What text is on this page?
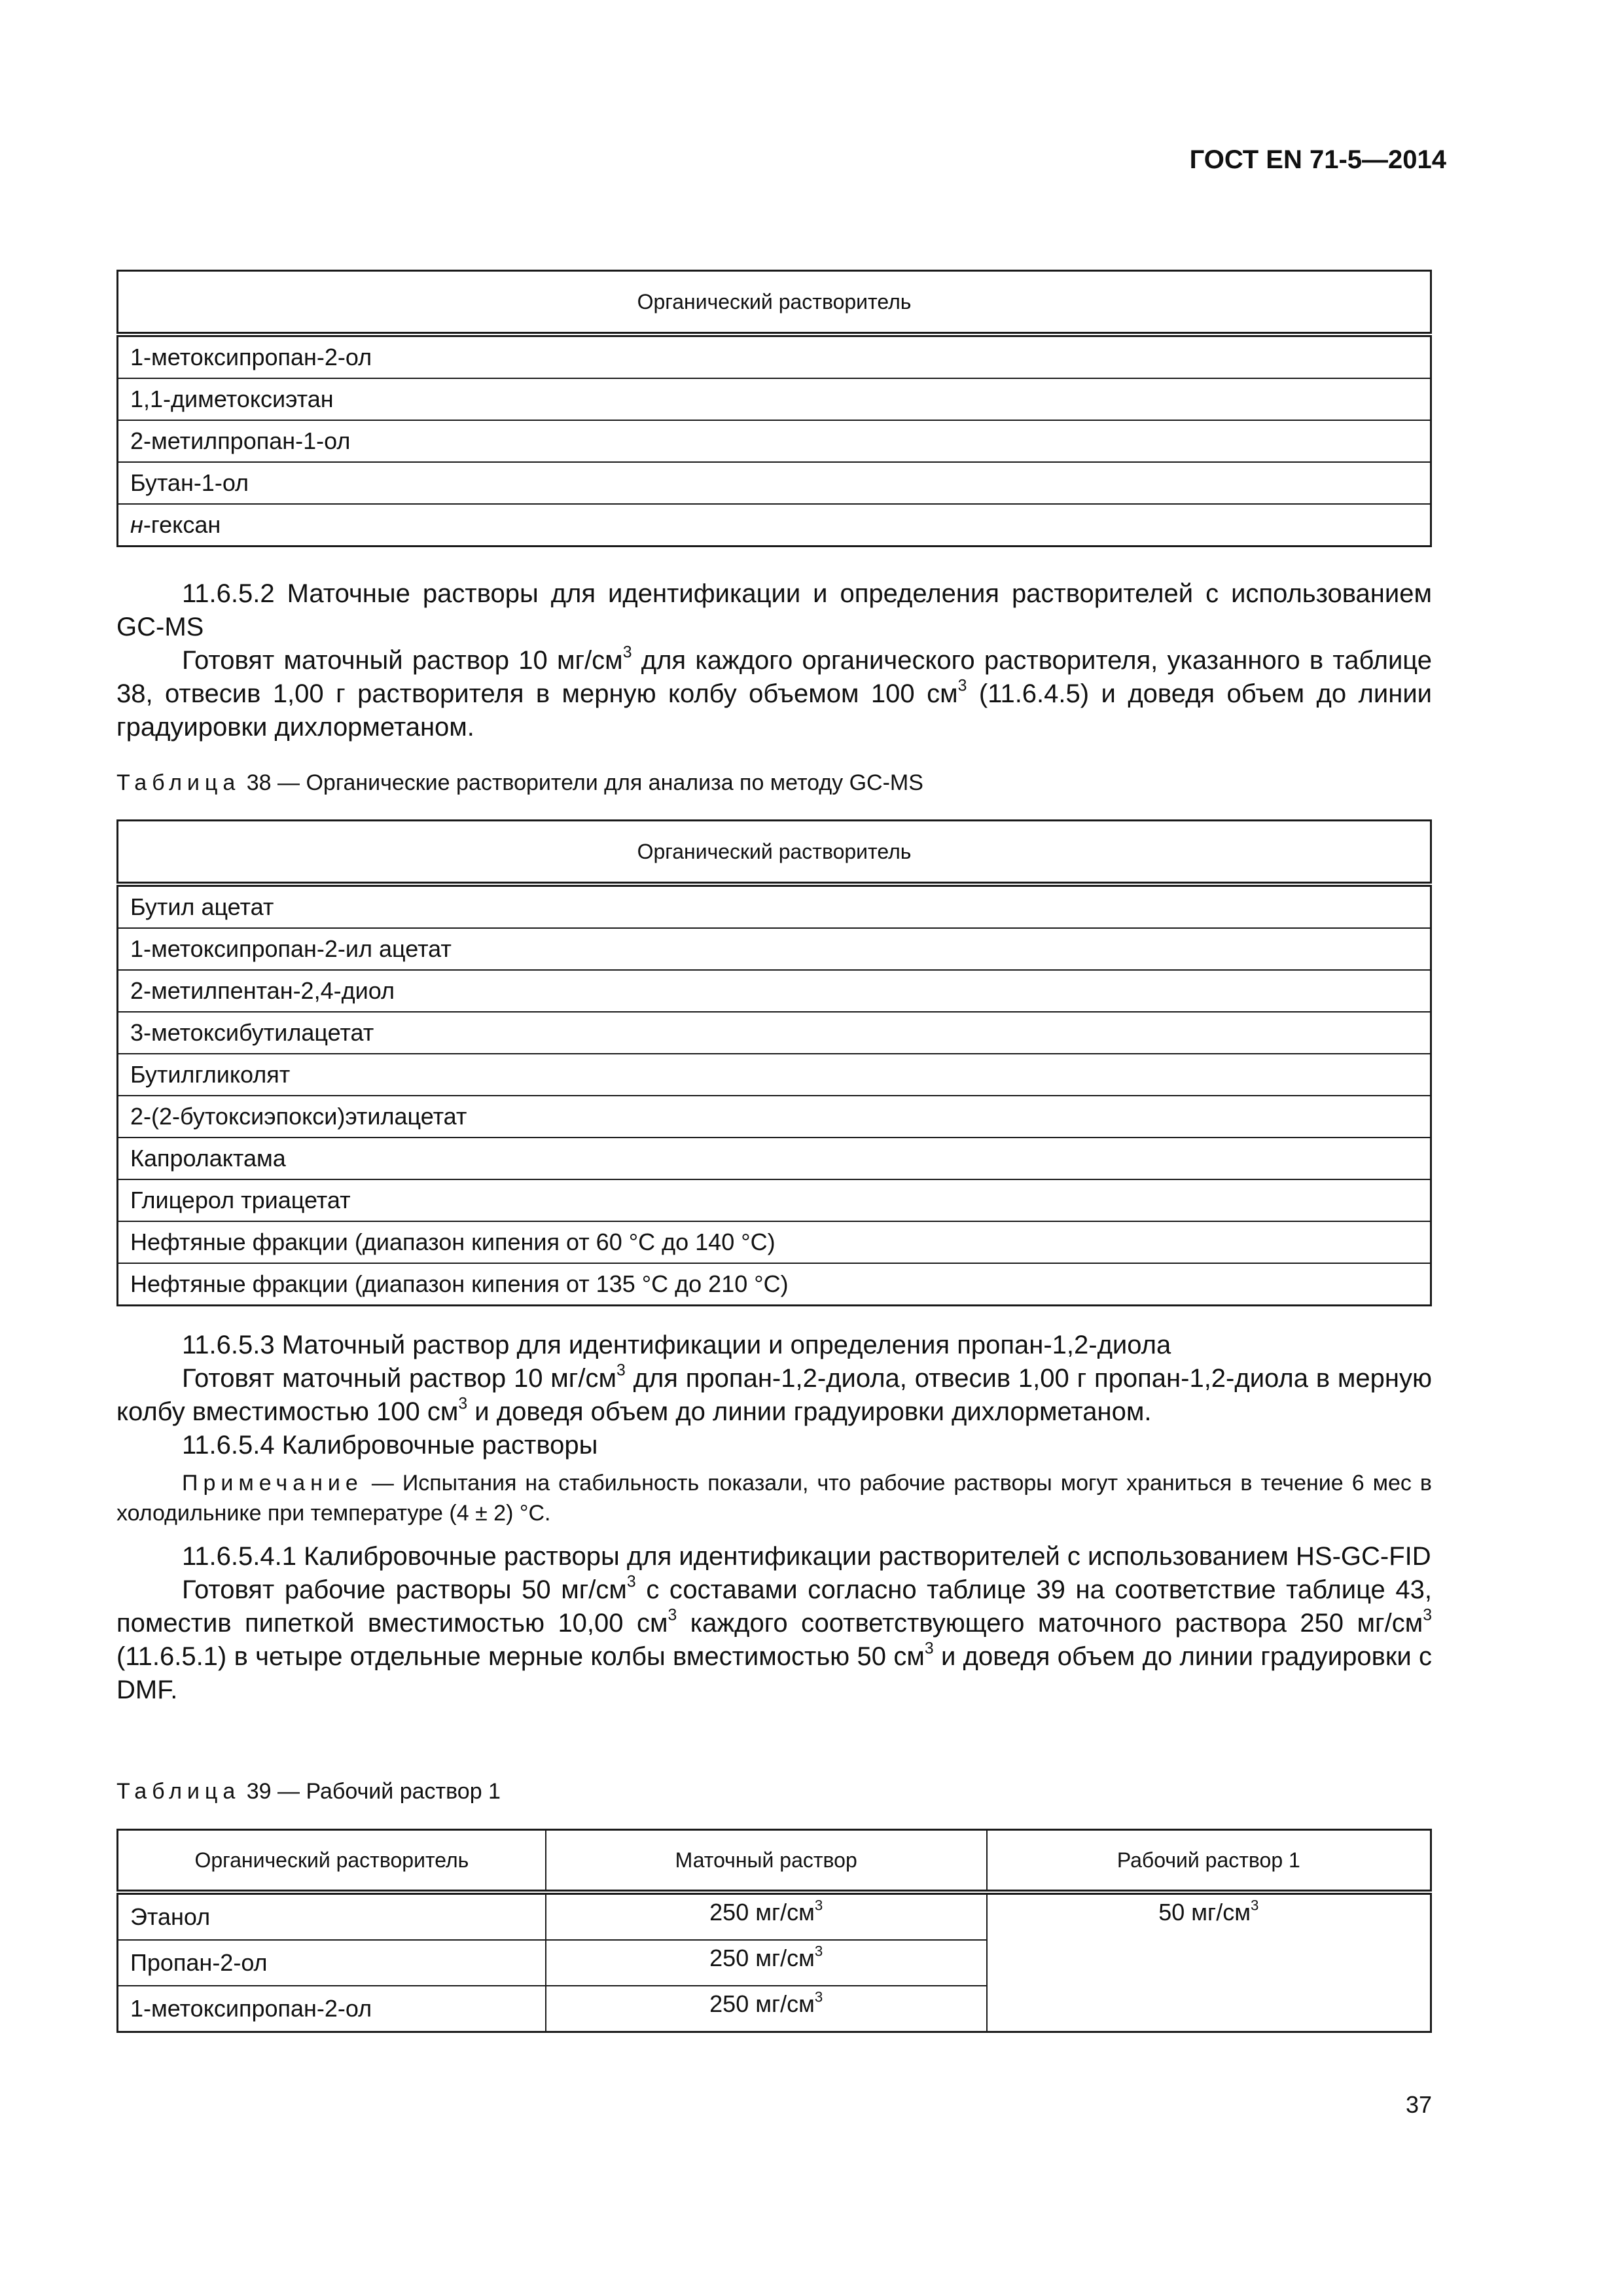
ГОСТ EN 71-5—2014
Органический растворитель
1-метоксипропан-2-ол
1,1-диметоксиэтан
2-метилпропан-1-ол
Бутан-1-ол
н-гексан

11.6.5.2 Маточные растворы для идентификации и определения растворителей с использованием GC-MS

Готовят маточный раствор 10 $мг/см^3$ для каждого органического растворителя, указанного в таблице 38, отвесив 1,00 г растворителя в мерную колбу объемом 100 $см^3$ (11.6.4.5) и доведя объем до линии градуировки дихлорметаном.

Таблица 38 — Органические растворители для анализа по методу GC-MS
Органический растворитель
Бутил ацетат
1-метоксипропан-2-ил ацетат
2-метилпентан-2,4-диол
3-метоксибутилацетат
Бутилгликолят
2-(2-бутоксиэпокси)этилацетат
Капролактама
Глицерол триацетат
Нефтяные фракции (диапазон кипения от 60 °С до 140 °С)
Нефтяные фракции (диапазон кипения от 135 °С до 210 °С)

11.6.5.3 Маточный раствор для идентификации и определения пропан-1,2-диола

Готовят маточный раствор 10 $мг/см^3$ для пропан-1,2-диола, отвесив 1,00 г пропан-1,2-диола в мерную колбу вместимостью 100 $см^3$ и доведя объем до линии градуировки дихлорметаном.

11.6.5.4 Калибровочные растворы

Примечание — Испытания на стабильность показали, что рабочие растворы могут храниться в течение 6 мес в холодильнике при температуре (4 ± 2) °С.

11.6.5.4.1 Калибровочные растворы для идентификации растворителей с использованием HS-GC-FID

Готовят рабочие растворы 50 $мг/см^3$ с составами согласно таблице 39 на соответствие таблице 43, поместив пипеткой вместимостью 10,00 $см^3$ каждого соответствующего маточного раствора 250 $мг/см^3$ (11.6.5.1) в четыре отдельные мерные колбы вместимостью 50 $см^3$ и доведя объем до линии градуировки с DMF.

Таблица 39 — Рабочий раствор 1
Органический растворитель	Маточный раствор	Рабочий раствор 1
Этанол	250 $мг/см^3$	50 $мг/см^3$
Пропан-2-ол	250 $мг/см^3$
1-метоксипропан-2-ол	250 $мг/см^3$
37
